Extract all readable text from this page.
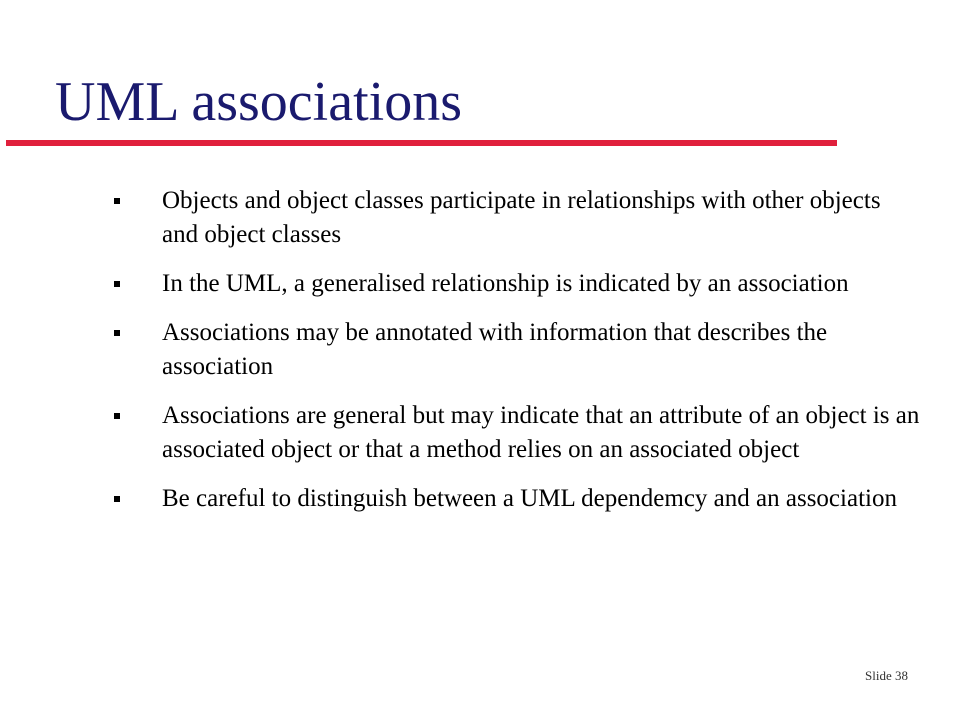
UML associations
Objects and object classes participate in relationships with other objects and object classes
In the UML, a generalised relationship is indicated by an association
Associations may be annotated with information that describes the association
Associations are general but may indicate that an attribute of an object is an associated object or that a method relies on an associated object
Be careful to distinguish between a UML dependemcy and an association
Slide 38
